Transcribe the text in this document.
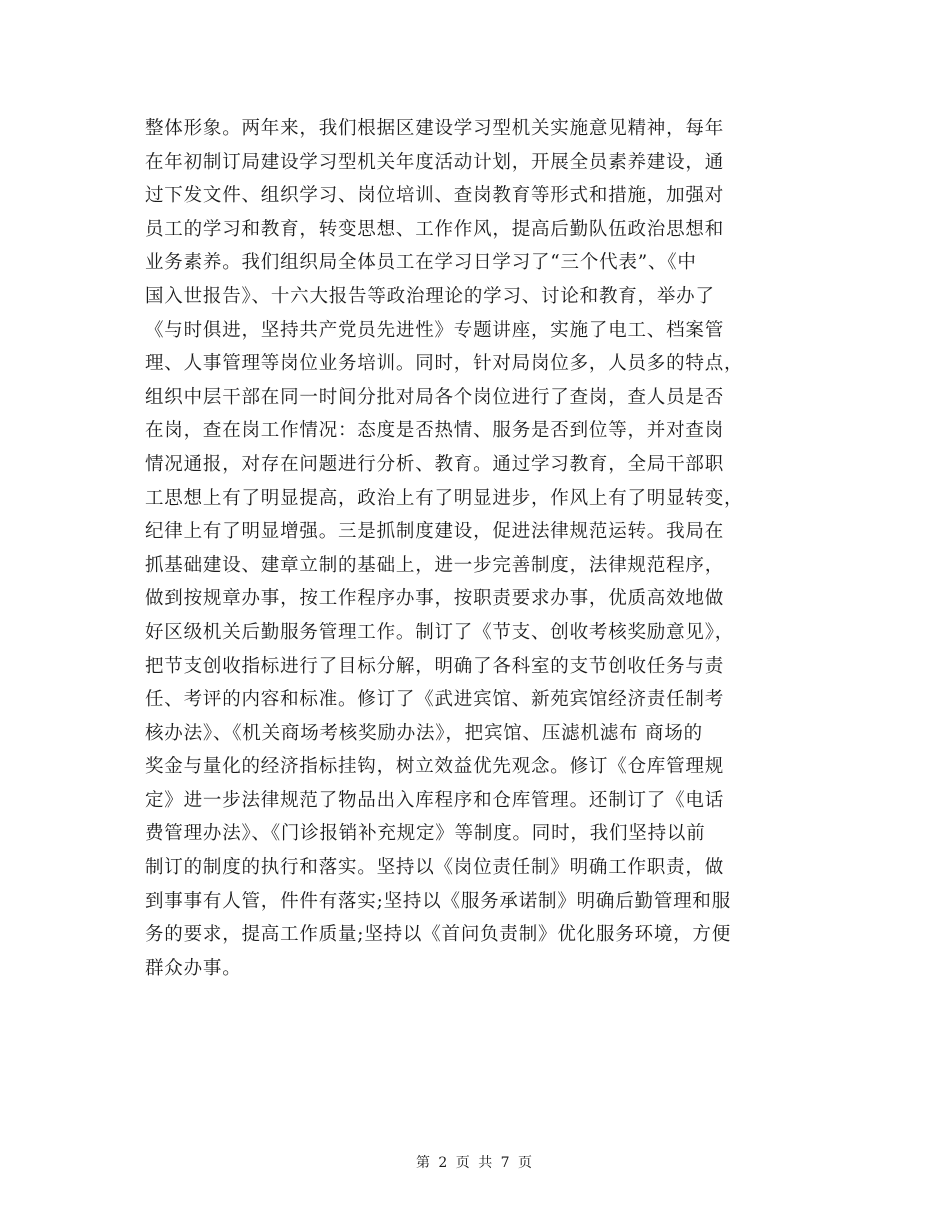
整体形象。两年来，我们根据区建设学习型机关实施意见精神，每年
在年初制订局建设学习型机关年度活动计划，开展全员素养建设，通
过下发文件、组织学习、岗位培训、查岗教育等形式和措施，加强对
员工的学习和教育，转变思想、工作作风，提高后勤队伍政治思想和
业务素养。我们组织局全体员工在学习日学习了“三个代表”、《中
国入世报告》、十六大报告等政治理论的学习、讨论和教育，举办了
《与时俱进，坚持共产党员先进性》专题讲座，实施了电工、档案管
理、人事管理等岗位业务培训。同时，针对局岗位多，人员多的特点，
组织中层干部在同一时间分批对局各个岗位进行了查岗，查人员是否
在岗，查在岗工作情况：态度是否热情、服务是否到位等，并对查岗
情况通报，对存在问题进行分析、教育。通过学习教育，全局干部职
工思想上有了明显提高，政治上有了明显进步，作风上有了明显转变，
纪律上有了明显增强。三是抓制度建设，促进法律规范运转。我局在
抓基础建设、建章立制的基础上，进一步完善制度，法律规范程序，
做到按规章办事，按工作程序办事，按职责要求办事，优质高效地做
好区级机关后勤服务管理工作。制订了《节支、创收考核奖励意见》，
把节支创收指标进行了目标分解，明确了各科室的支节创收任务与责
任、考评的内容和标准。修订了《武进宾馆、新苑宾馆经济责任制考
核办法》、《机关商场考核奖励办法》，把宾馆、压滤机滤布 商场的
奖金与量化的经济指标挂钩，树立效益优先观念。修订《仓库管理规
定》进一步法律规范了物品出入库程序和仓库管理。还制订了《电话
费管理办法》、《门诊报销补充规定》等制度。同时，我们坚持以前
制订的制度的执行和落实。坚持以《岗位责任制》明确工作职责，做
到事事有人管，件件有落实;坚持以《服务承诺制》明确后勤管理和服
务的要求，提高工作质量;坚持以《首问负责制》优化服务环境，方便
群众办事。
第 2 页 共 7 页
